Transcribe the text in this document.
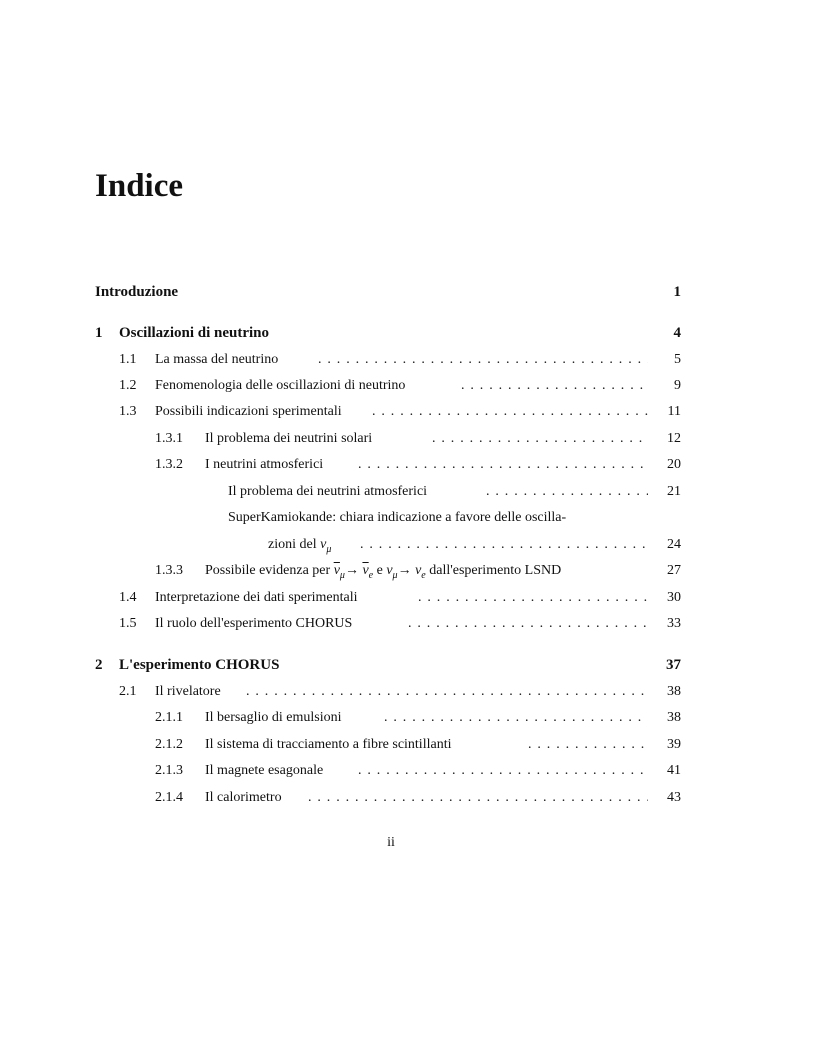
Indice
Introduzione	1
1 Oscillazioni di neutrino	4
1.1 La massa del neutrino . . .	5
1.2 Fenomenologia delle oscillazioni di neutrino . . .	9
1.3 Possibili indicazioni sperimentali . . .	11
1.3.1 Il problema dei neutrini solari . . .	12
1.3.2 I neutrini atmosferici . . .	20
Il problema dei neutrini atmosferici . . .	21
SuperKamiokande: chiara indicazione a favore delle oscilla-
zioni del $\nu_\mu$ . . .	24
1.3.3 Possibile evidenza per $\overline{\nu}_\mu\to \overline{\nu}_e$ e $\nu_\mu\to \nu_e$ dall'esperimento LSND	27
1.4 Interpretazione dei dati sperimentali . . .	30
1.5 Il ruolo dell'esperimento CHORUS . . .	33
2 L'esperimento CHORUS	37
2.1 Il rivelatore . . .	38
2.1.1 Il bersaglio di emulsioni . . .	38
2.1.2 Il sistema di tracciamento a fibre scintillanti . . .	39
2.1.3 Il magnete esagonale . . .	41
2.1.4 Il calorimetro . . .	43
ii
